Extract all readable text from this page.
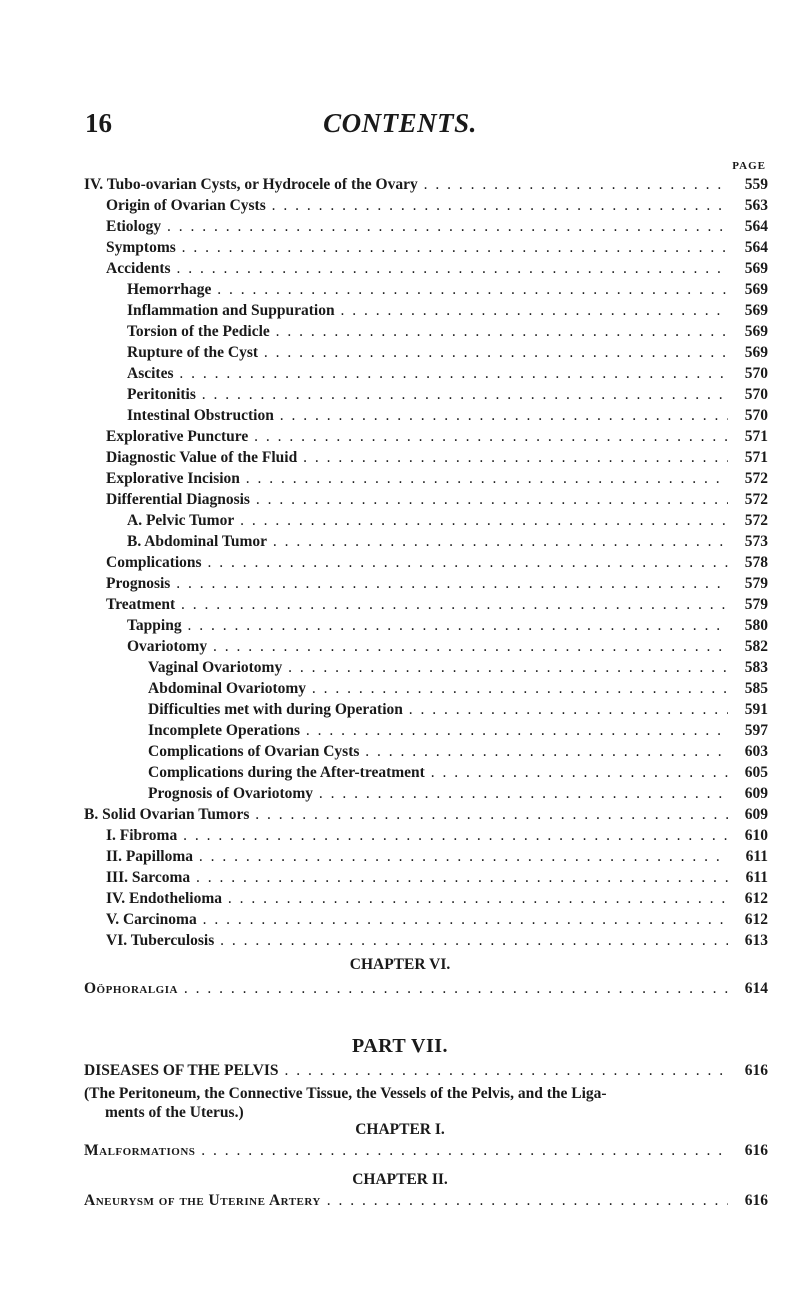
16	CONTENTS.
PAGE
IV. Tubo-ovarian Cysts, or Hydrocele of the Ovary . . .	559
Origin of Ovarian Cysts . . .	563
Etiology . . .	564
Symptoms . . .	564
Accidents . . .	569
Hemorrhage . . .	569
Inflammation and Suppuration . . .	569
Torsion of the Pedicle . . .	569
Rupture of the Cyst . . .	569
Ascites . . .	570
Peritonitis . . .	570
Intestinal Obstruction . . .	570
Explorative Puncture . . .	571
Diagnostic Value of the Fluid . . .	571
Explorative Incision . . .	572
Differential Diagnosis . . .	572
A. Pelvic Tumor . . .	572
B. Abdominal Tumor . . .	573
Complications . . .	578
Prognosis . . .	579
Treatment . . .	579
Tapping . . .	580
Ovariotomy . . .	582
Vaginal Ovariotomy . . .	583
Abdominal Ovariotomy . . .	585
Difficulties met with during Operation . . .	591
Incomplete Operations . . .	597
Complications of Ovarian Cysts . . .	603
Complications during the After-treatment . . .	605
Prognosis of Ovariotomy . . .	609
B. Solid Ovarian Tumors . . .	609
I. Fibroma . . .	610
II. Papilloma . . .	611
III. Sarcoma . . .	611
IV. Endothelioma . . .	612
V. Carcinoma . . .	612
VI. Tuberculosis . . .	613
CHAPTER VI.
Oöphoralgia . . .	614
PART VII.
DISEASES OF THE PELVIS . . .	616
(The Peritoneum, the Connective Tissue, the Vessels of the Pelvis, and the Liga-
ments of the Uterus.)
CHAPTER I.
Malformations . . .	616
CHAPTER II.
Aneurysm of the Uterine Artery . . .	616
